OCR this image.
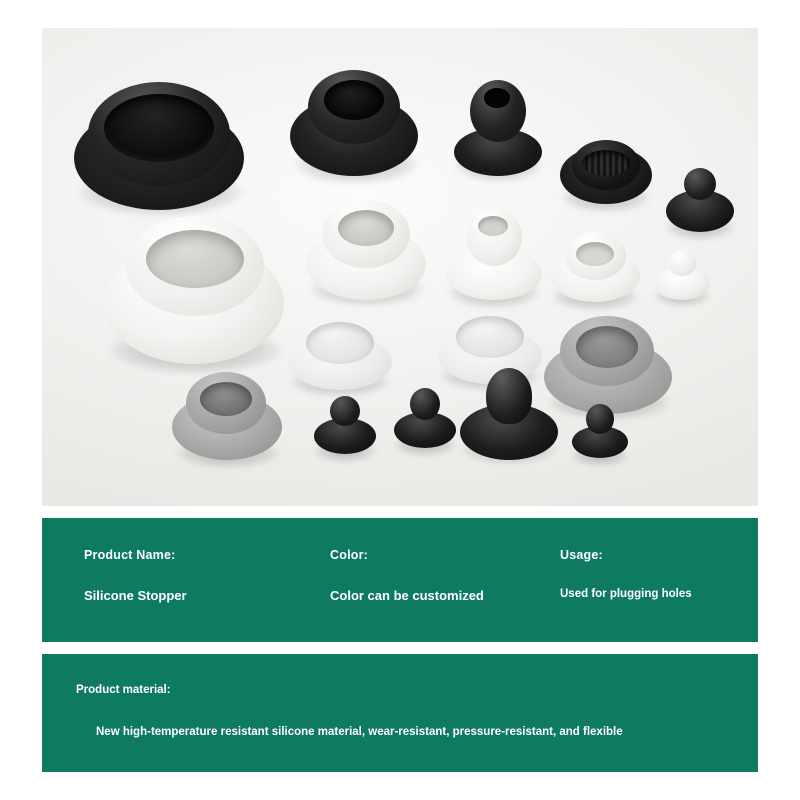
Product Name:
Silicone Stopper
Color:
Color can be customized
Usage:
Used for plugging holes
Product material:
New high-temperature resistant silicone material, wear-resistant, pressure-resistant, and flexible
